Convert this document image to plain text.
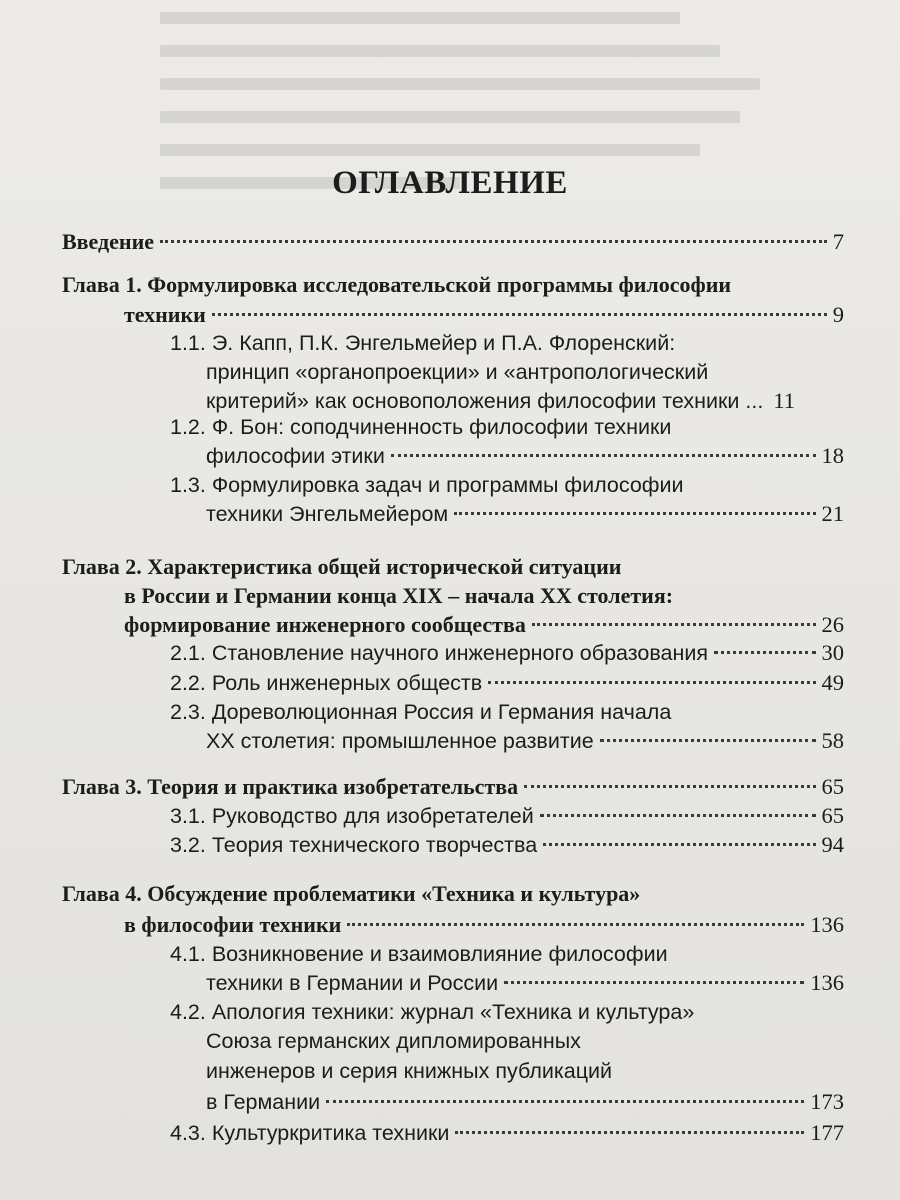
ОГЛАВЛЕНИЕ
Введение	7
Глава 1. Формулировка исследовательской программы философии
техники	9
1.1. Э. Капп, П.К. Энгельмейер и П.А. Флоренский:
принцип «органопроекции» и «антропологический
критерий» как основоположения философии техники ... 11
1.2. Ф. Бон: соподчиненность философии техники
философии этики	18
1.3. Формулировка задач и программы философии
техники Энгельмейером	21
Глава 2. Характеристика общей исторической ситуации
в России и Германии конца XIX – начала XX столетия:
формирование инженерного сообщества	26
2.1. Становление научного инженерного образования	30
2.2. Роль инженерных обществ	49
2.3. Дореволюционная Россия и Германия начала
XX столетия: промышленное развитие	58
Глава 3. Теория и практика изобретательства	65
3.1. Руководство для изобретателей	65
3.2. Теория технического творчества	94
Глава 4. Обсуждение проблематики «Техника и культура»
в философии техники	136
4.1. Возникновение и взаимовлияние философии
техники в Германии и России	136
4.2. Апология техники: журнал «Техника и культура»
Союза германских дипломированных
инженеров и серия книжных публикаций
в Германии	173
4.3. Культуркритика техники	177
